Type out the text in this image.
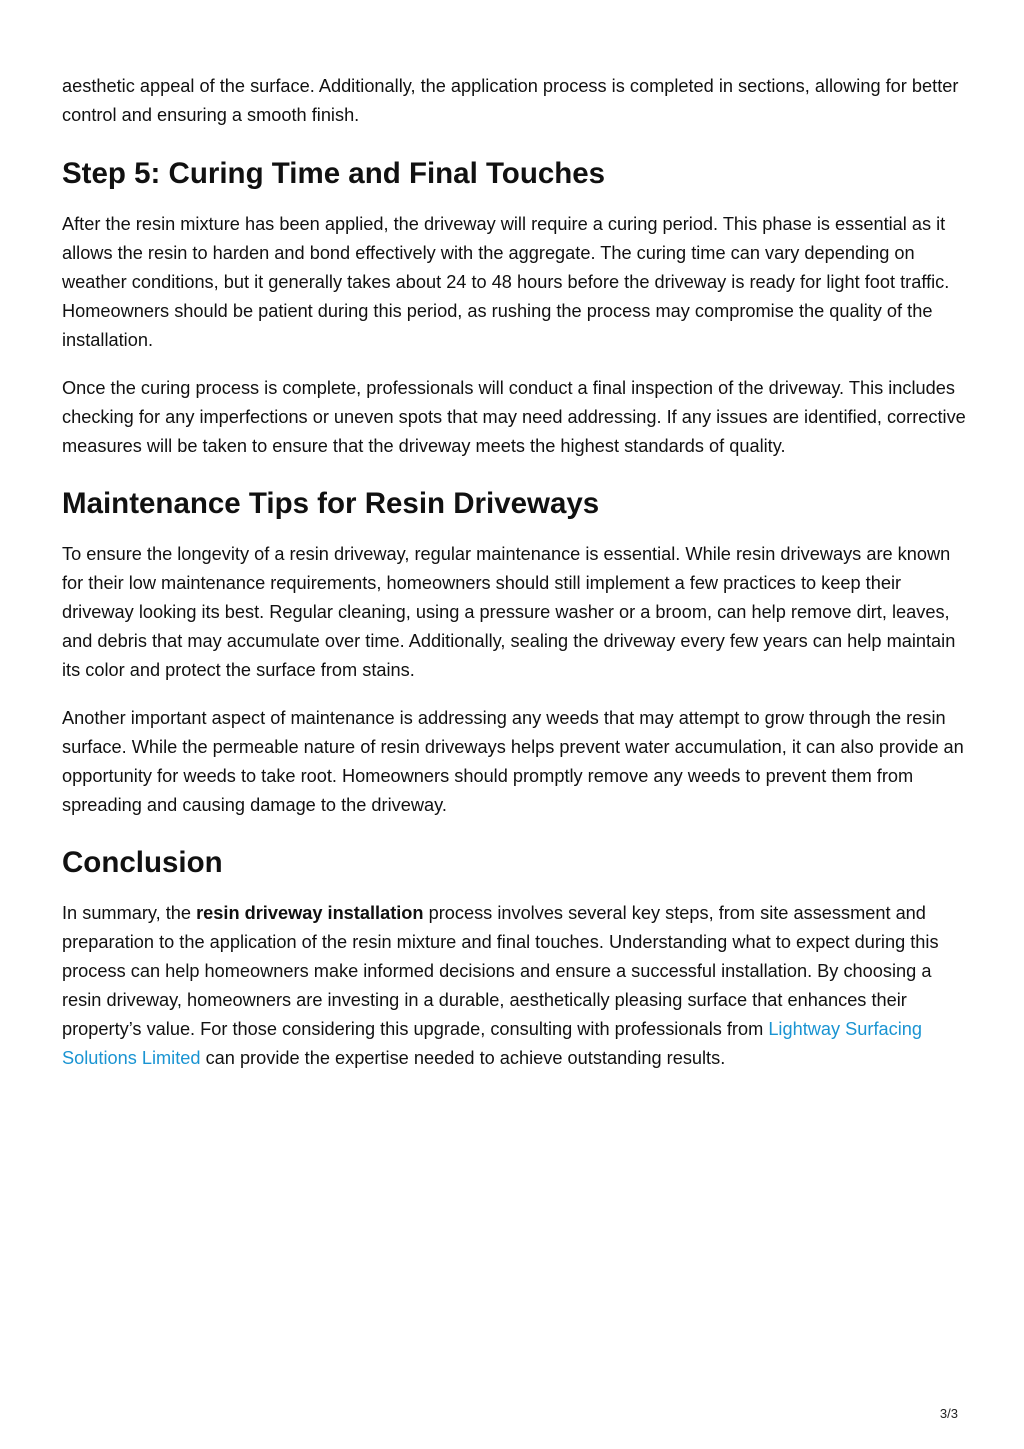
aesthetic appeal of the surface. Additionally, the application process is completed in sections, allowing for better control and ensuring a smooth finish.

Step 5: Curing Time and Final Touches

After the resin mixture has been applied, the driveway will require a curing period. This phase is essential as it allows the resin to harden and bond effectively with the aggregate. The curing time can vary depending on weather conditions, but it generally takes about 24 to 48 hours before the driveway is ready for light foot traffic. Homeowners should be patient during this period, as rushing the process may compromise the quality of the installation.

Once the curing process is complete, professionals will conduct a final inspection of the driveway. This includes checking for any imperfections or uneven spots that may need addressing. If any issues are identified, corrective measures will be taken to ensure that the driveway meets the highest standards of quality.

Maintenance Tips for Resin Driveways

To ensure the longevity of a resin driveway, regular maintenance is essential. While resin driveways are known for their low maintenance requirements, homeowners should still implement a few practices to keep their driveway looking its best. Regular cleaning, using a pressure washer or a broom, can help remove dirt, leaves, and debris that may accumulate over time. Additionally, sealing the driveway every few years can help maintain its color and protect the surface from stains.

Another important aspect of maintenance is addressing any weeds that may attempt to grow through the resin surface. While the permeable nature of resin driveways helps prevent water accumulation, it can also provide an opportunity for weeds to take root. Homeowners should promptly remove any weeds to prevent them from spreading and causing damage to the driveway.

Conclusion

In summary, the resin driveway installation process involves several key steps, from site assessment and preparation to the application of the resin mixture and final touches. Understanding what to expect during this process can help homeowners make informed decisions and ensure a successful installation. By choosing a resin driveway, homeowners are investing in a durable, aesthetically pleasing surface that enhances their property’s value. For those considering this upgrade, consulting with professionals from Lightway Surfacing Solutions Limited can provide the expertise needed to achieve outstanding results.

3/3
